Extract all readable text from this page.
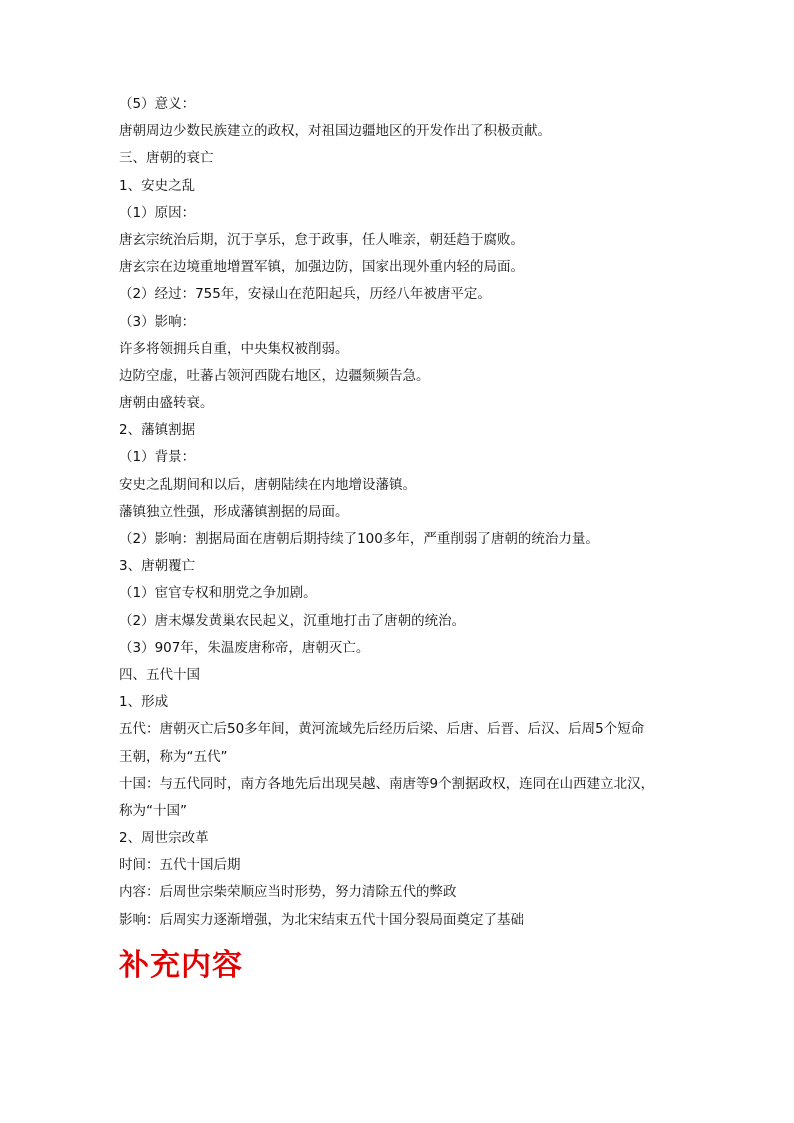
（5）意义：
唐朝周边少数民族建立的政权，对祖国边疆地区的开发作出了积极贡献。
三、唐朝的衰亡
1、安史之乱
（1）原因：
唐玄宗统治后期，沉于享乐，怠于政事，任人唯亲，朝廷趋于腐败。
唐玄宗在边境重地增置军镇，加强边防，国家出现外重内轻的局面。
（2）经过：755年，安禄山在范阳起兵，历经八年被唐平定。
（3）影响：
许多将领拥兵自重，中央集权被削弱。
边防空虚，吐蕃占领河西陇右地区，边疆频频告急。
唐朝由盛转衰。
2、藩镇割据
（1）背景：
安史之乱期间和以后，唐朝陆续在内地增设藩镇。
藩镇独立性强，形成藩镇割据的局面。
（2）影响：割据局面在唐朝后期持续了100多年，严重削弱了唐朝的统治力量。
3、唐朝覆亡
（1）宦官专权和朋党之争加剧。
（2）唐末爆发黄巢农民起义，沉重地打击了唐朝的统治。
（3）907年，朱温废唐称帝，唐朝灭亡。
四、五代十国
1、形成
五代：唐朝灭亡后50多年间，黄河流域先后经历后梁、后唐、后晋、后汉、后周5个短命
王朝，称为“五代”
十国：与五代同时，南方各地先后出现吴越、南唐等9个割据政权，连同在山西建立北汉，
称为“十国”
2、周世宗改革
时间：五代十国后期
内容：后周世宗柴荣顺应当时形势，努力清除五代的弊政
影响：后周实力逐渐增强，为北宋结束五代十国分裂局面奠定了基础
补充内容
